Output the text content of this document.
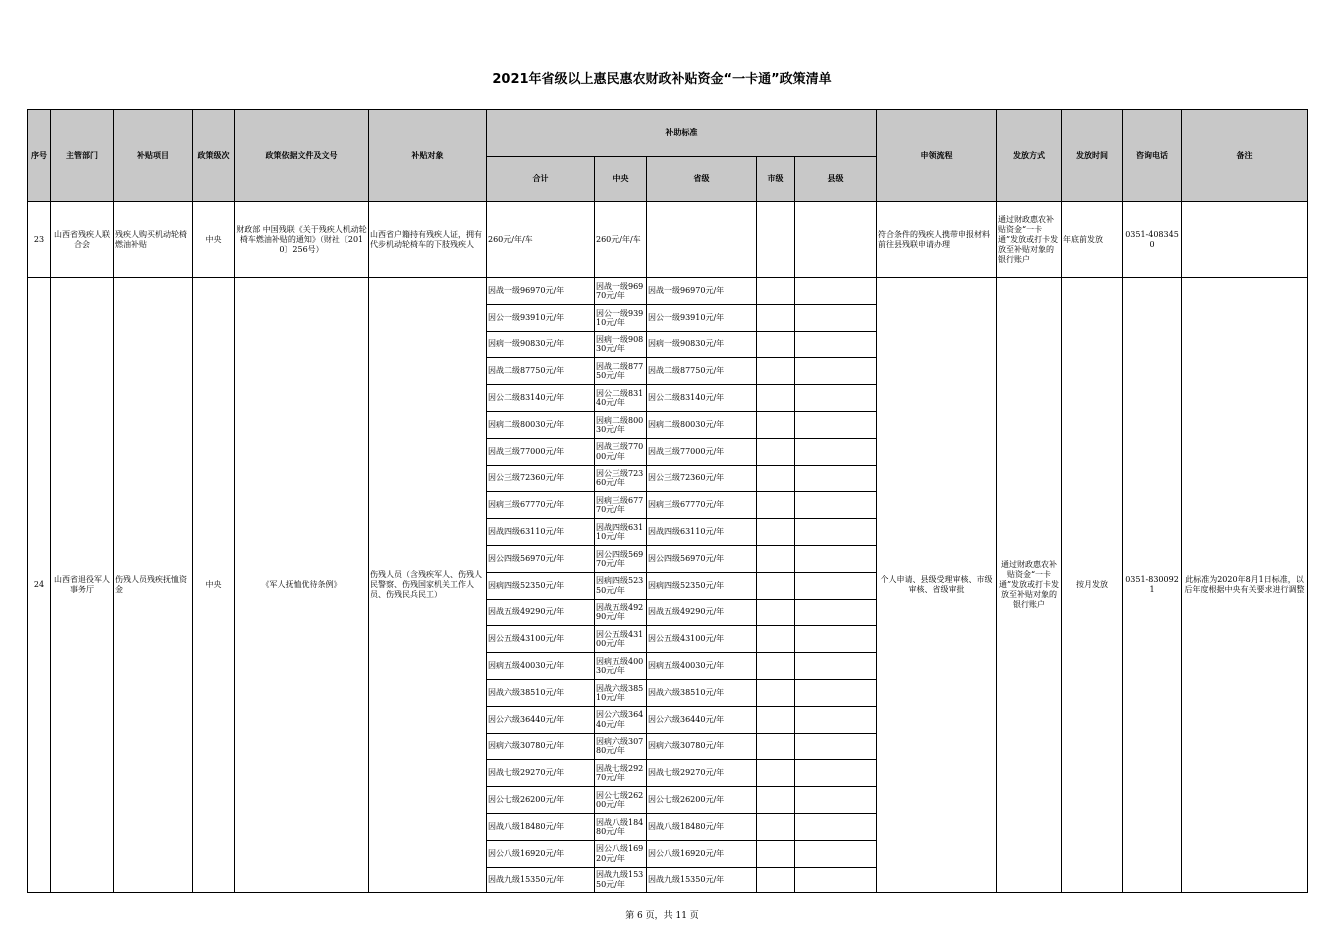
2021年省级以上惠民惠农财政补贴资金“一卡通”政策清单
序号	主管部门	补贴项目	政策级次	政策依据文件及文号	补贴对象	补助标准					申领流程	发放方式	发放时间	咨询电话	备注
						合计	中央	省级	市级	县级					
23	山西省残疾人联合会	残疾人购买机动轮椅燃油补贴	中央	财政部 中国残联《关于残疾人机动轮椅车燃油补贴的通知》（财社〔2010〕256号）	山西省户籍持有残疾人证，拥有代步机动轮椅车的下肢残疾人	260元/年/车	260元/年/车				符合条件的残疾人携带申报材料前往县残联申请办理	通过财政惠农补贴资金“一卡通”发放或打卡发放至补贴对象的银行账户	年底前发放	0351-4083450	
24	山西省退役军人事务厅	伤残人员残疾抚恤资金	中央	《军人抚恤优待条例》	伤残人员（含残疾军人、伤残人民警察、伤残国家机关工作人员、伤残民兵民工）	因战一级96970元/年	因战一级96970元/年	因战一级96970元/年			个人申请、县级受理审核、市级审核、省级审批	通过财政惠农补贴资金“一卡通”发放或打卡发放至补贴对象的银行账户	按月发放	0351-8300921	此标准为2020年8月1日标准，以后年度根据中央有关要求进行调整
						因公一级93910元/年	因公一级93910元/年	因公一级93910元/年							
						因病一级90830元/年	因病一级90830元/年	因病一级90830元/年							
						因战二级87750元/年	因战二级87750元/年	因战二级87750元/年							
						因公二级83140元/年	因公二级83140元/年	因公二级83140元/年							
						因病二级80030元/年	因病二级80030元/年	因病二级80030元/年							
						因战三级77000元/年	因战三级77000元/年	因战三级77000元/年							
						因公三级72360元/年	因公三级72360元/年	因公三级72360元/年							
						因病三级67770元/年	因病三级67770元/年	因病三级67770元/年							
						因战四级63110元/年	因战四级63110元/年	因战四级63110元/年							
						因公四级56970元/年	因公四级56970元/年	因公四级56970元/年							
						因病四级52350元/年	因病四级52350元/年	因病四级52350元/年							
						因战五级49290元/年	因战五级49290元/年	因战五级49290元/年							
						因公五级43100元/年	因公五级43100元/年	因公五级43100元/年							
						因病五级40030元/年	因病五级40030元/年	因病五级40030元/年							
						因战六级38510元/年	因战六级38510元/年	因战六级38510元/年							
						因公六级36440元/年	因公六级36440元/年	因公六级36440元/年							
						因病六级30780元/年	因病六级30780元/年	因病六级30780元/年							
						因战七级29270元/年	因战七级29270元/年	因战七级29270元/年							
						因公七级26200元/年	因公七级26200元/年	因公七级26200元/年							
						因战八级18480元/年	因战八级18480元/年	因战八级18480元/年							
						因公八级16920元/年	因公八级16920元/年	因公八级16920元/年							
						因战九级15350元/年	因战九级15350元/年	因战九级15350元/年							
第 6 页，共 11 页
